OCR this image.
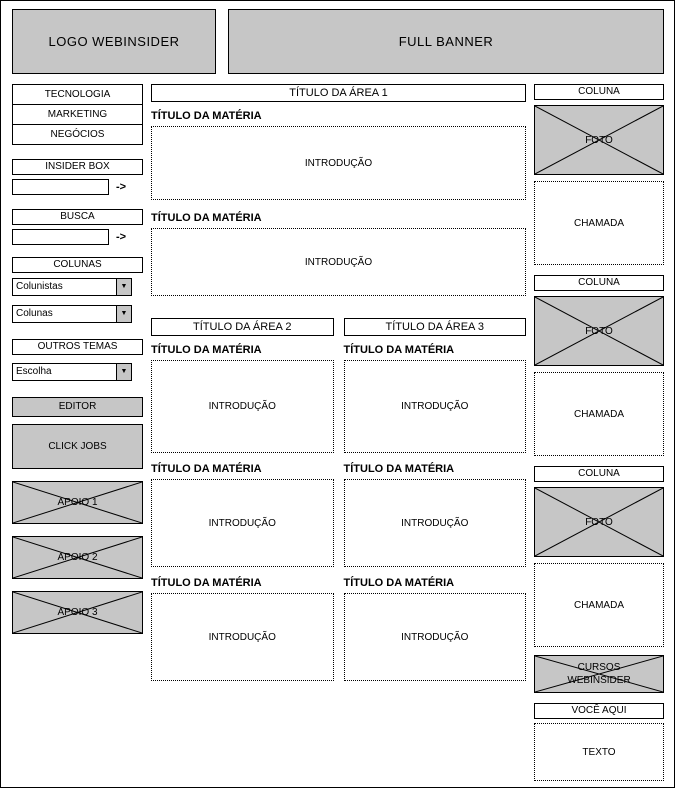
LOGO WEBINSIDER	FULL BANNER
TECNOLOGIA
MARKETING
NEGÓCIOS
INSIDER BOX
->
BUSCA
->
COLUNAS
Colunistas	▼
Colunas	▼
OUTROS TEMAS
Escolha	▼
EDITOR
CLICK JOBS
APOIO 1
APOIO 2
APOIO 3
TÍTULO DA ÁREA 1
TÍTULO DA MATÉRIA
INTRODUÇÃO
TÍTULO DA MATÉRIA
INTRODUÇÃO
TÍTULO DA ÁREA 2
TÍTULO DA MATÉRIA
INTRODUÇÃO
TÍTULO DA MATÉRIA
INTRODUÇÃO
TÍTULO DA MATÉRIA
INTRODUÇÃO
TÍTULO DA ÁREA 3
TÍTULO DA MATÉRIA
INTRODUÇÃO
TÍTULO DA MATÉRIA
INTRODUÇÃO
TÍTULO DA MATÉRIA
INTRODUÇÃO
COLUNA
FOTO
CHAMADA
COLUNA
FOTO
CHAMADA
COLUNA
FOTO
CHAMADA
CURSOS WEBINSIDER
VOCÊ AQUI
TEXTO
